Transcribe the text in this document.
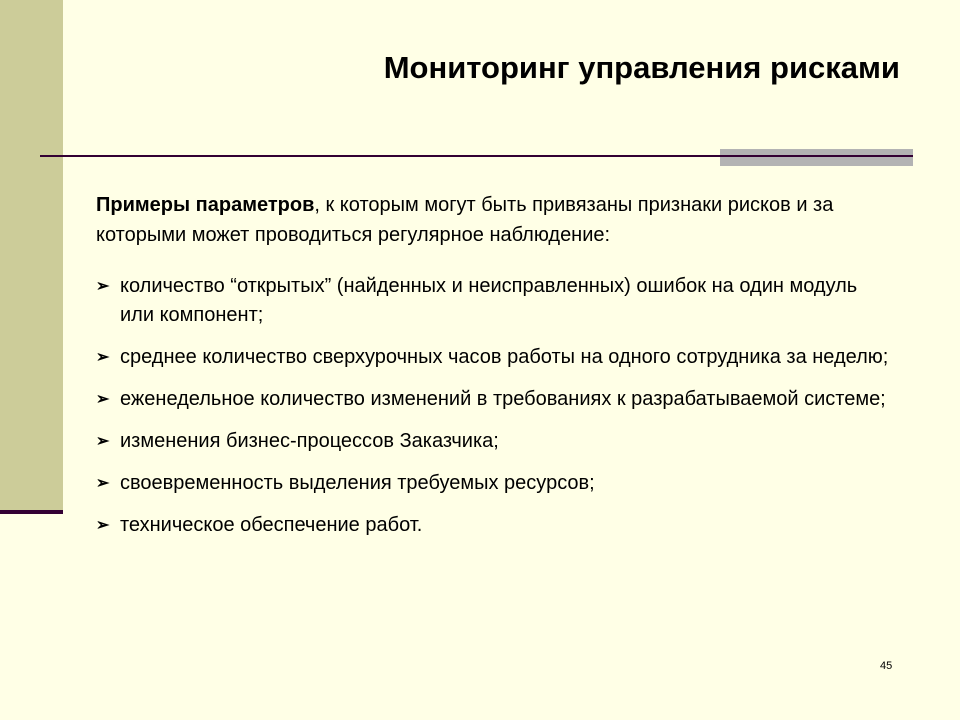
Мониторинг управления рисками

Примеры параметров, к которым могут быть привязаны признаки рисков и за которыми может проводиться регулярное наблюдение:

➢ количество “открытых” (найденных и неисправленных) ошибок на один модуль или компонент;
➢ среднее количество сверхурочных часов работы на одного сотрудника за неделю;
➢ еженедельное количество изменений в требованиях к разрабатываемой системе;
➢ изменения бизнес-процессов Заказчика;
➢ своевременность выделения требуемых ресурсов;
➢ техническое обеспечение работ.
45
